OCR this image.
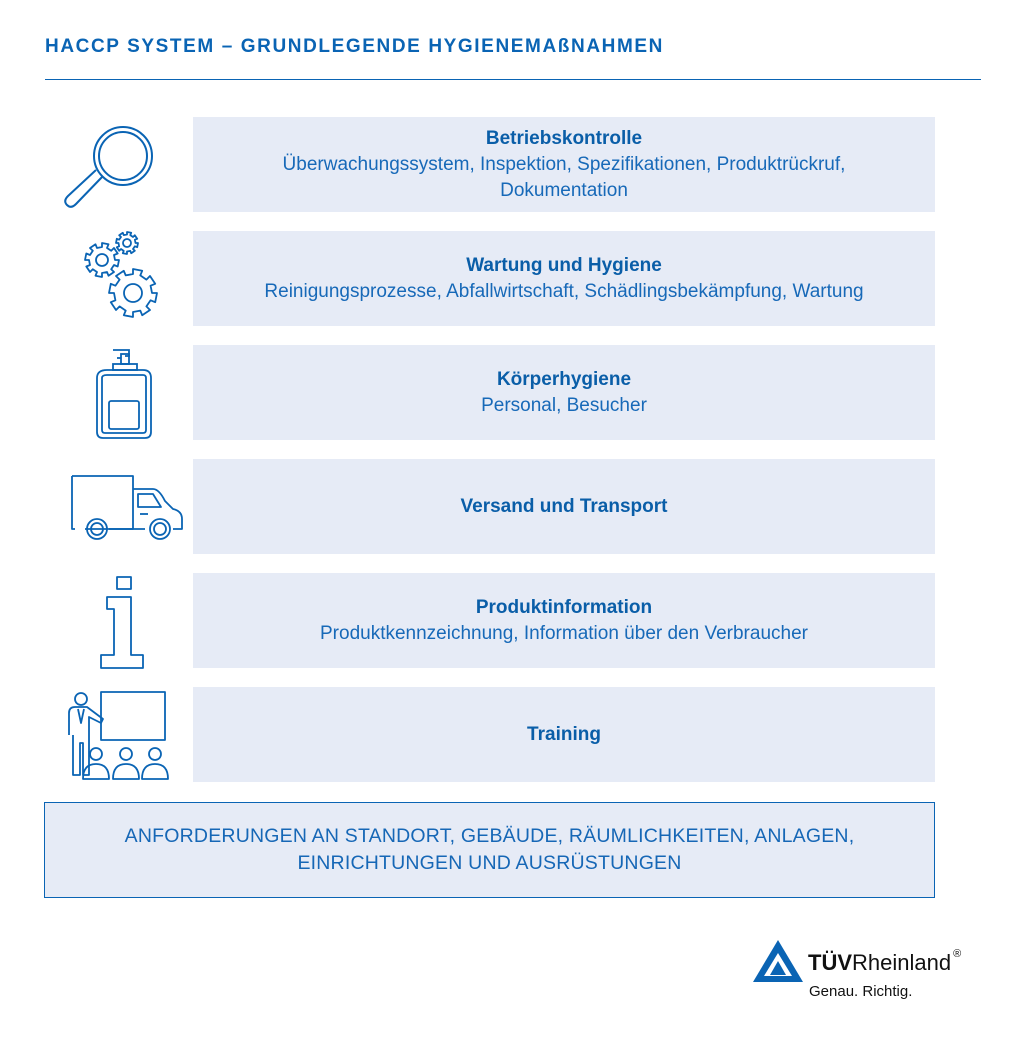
HACCP SYSTEM – GRUNDLEGENDE HYGIENEMAßNAHMEN
Betriebskontrolle
Überwachungssystem, Inspektion, Spezifikationen, Produktrückruf, Dokumentation
Wartung und Hygiene
Reinigungsprozesse, Abfallwirtschaft, Schädlingsbekämpfung, Wartung
Körperhygiene
Personal, Besucher
Versand und Transport
Produktinformation
Produktkennzeichnung, Information über den Verbraucher
Training
ANFORDERUNGEN AN STANDORT, GEBÄUDE, RÄUMLICHKEITEN, ANLAGEN, EINRICHTUNGEN UND AUSRÜSTUNGEN
TÜVRheinland ®
Genau. Richtig.
